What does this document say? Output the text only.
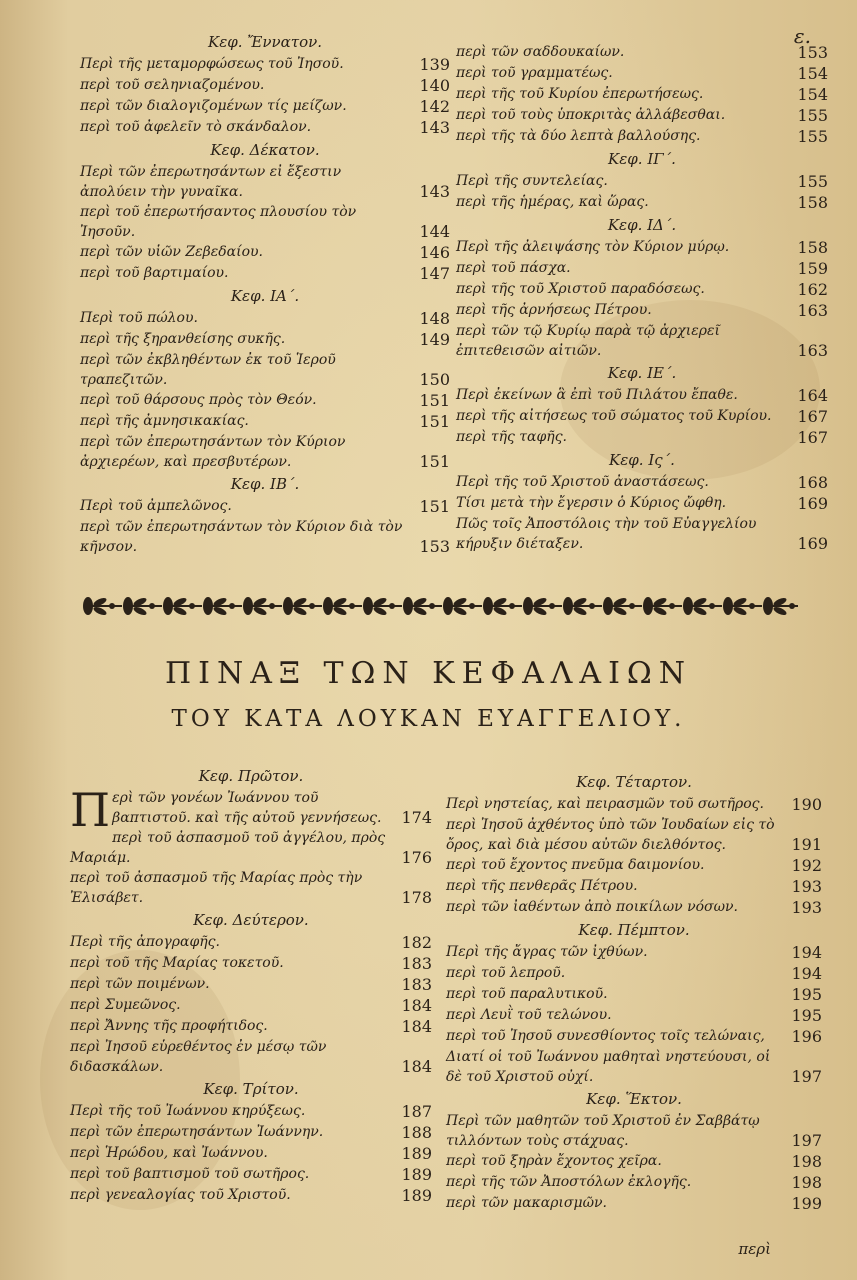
ε.
Κεφ. Ἔννατον.
Περὶ τῆς μεταμορφώσεως τοῦ Ἰησοῦ.	139
περὶ τοῦ σεληνιαζομένου.	140
περὶ τῶν διαλογιζομένων τίς μείζων.	142
περὶ τοῦ ἀφελεῖν τὸ σκάνδαλον.	143
Κεφ. Δέκατον.
Περὶ τῶν ἐπερωτησάντων εἰ ἔξεστιν ἀπολύειν τὴν γυναῖκα.	143
περὶ τοῦ ἐπερωτήσαντος πλουσίου τὸν Ἰησοῦν.	144
περὶ τῶν υἱῶν Ζεβεδαίου.	146
περὶ τοῦ βαρτιμαίου.	147
Κεφ. ΙΑ΄.
Περὶ τοῦ πώλου.	148
περὶ τῆς ξηρανθείσης συκῆς.	149
περὶ τῶν ἐκβληθέντων ἐκ τοῦ Ἱεροῦ τραπεζιτῶν.	150
περὶ τοῦ θάρσους πρὸς τὸν Θεόν.	151
περὶ τῆς ἀμνησικακίας.	151
περὶ τῶν ἐπερωτησάντων τὸν Κύριον ἀρχιερέων, καὶ πρεσβυτέρων.	151
Κεφ. ΙΒ΄.
Περὶ τοῦ ἀμπελῶνος.	151
περὶ τῶν ἐπερωτησάντων τὸν Κύριον διὰ τὸν κῆνσον.	153
περὶ τῶν σαδδουκαίων.	153
περὶ τοῦ γραμματέως.	154
περὶ τῆς τοῦ Κυρίου ἐπερωτήσεως.	154
περὶ τοῦ τοὺς ὑποκριτὰς ἀλλάβεσθαι.	155
περὶ τῆς τὰ δύο λεπτὰ βαλλούσης.	155
Κεφ. ΙΓ΄.
Περὶ τῆς συντελείας.	155
περὶ τῆς ἡμέρας, καὶ ὥρας.	158
Κεφ. ΙΔ΄.
Περὶ τῆς ἀλειψάσης τὸν Κύριον μύρῳ.	158
περὶ τοῦ πάσχα.	159
περὶ τῆς τοῦ Χριστοῦ παραδόσεως.	162
περὶ τῆς ἀρνήσεως Πέτρου.	163
περὶ τῶν τῷ Κυρίῳ παρὰ τῷ ἀρχιερεῖ ἐπιτεθεισῶν αἰτιῶν.	163
Κεφ. ΙΕ΄.
Περὶ ἐκείνων ἃ ἐπὶ τοῦ Πιλάτου ἔπαθε.	164
περὶ τῆς αἰτήσεως τοῦ σώματος τοῦ Κυρίου.	167
περὶ τῆς ταφῆς.	167
Κεφ. Ις΄.
Περὶ τῆς τοῦ Χριστοῦ ἀναστάσεως.	168
Τίσι μετὰ τὴν ἔγερσιν ὁ Κύριος ὤφθη.	169
Πῶς τοῖς Ἀποστόλοις τὴν τοῦ Εὐαγγελίου κήρυξιν διέταξεν.	169
ΠΙΝΑΞ ΤΩΝ ΚΕΦΑΛΑΙΩΝ
ΤΟΥ ΚΑΤΑ ΛΟΥΚΑΝ ΕΥΑΓΓΕΛΙΟΥ.
Κεφ. Πρῶτον.
Περὶ τῶν γονέων Ἰωάννου τοῦ βαπτιστοῦ. καὶ τῆς αὐτοῦ γεννήσεως.	174
περὶ τοῦ ἀσπασμοῦ τοῦ ἀγγέλου, πρὸς Μαριάμ.	176
περὶ τοῦ ἀσπασμοῦ τῆς Μαρίας πρὸς τὴν Ἐλισάβετ.	178
Κεφ. Δεύτερον.
Περὶ τῆς ἀπογραφῆς.	182
περὶ τοῦ τῆς Μαρίας τοκετοῦ.	183
περὶ τῶν ποιμένων.	183
περὶ Συμεῶνος.	184
περὶ Ἄννης τῆς προφήτιδος.	184
περὶ Ἰησοῦ εὑρεθέντος ἐν μέσῳ τῶν διδασκάλων.	184
Κεφ. Τρίτον.
Περὶ τῆς τοῦ Ἰωάννου κηρύξεως.	187
περὶ τῶν ἐπερωτησάντων Ἰωάννην.	188
περὶ Ἡρώδου, καὶ Ἰωάννου.	189
περὶ τοῦ βαπτισμοῦ τοῦ σωτῆρος.	189
περὶ γενεαλογίας τοῦ Χριστοῦ.	189
Κεφ. Τέταρτον.
Περὶ νηστείας, καὶ πειρασμῶν τοῦ σωτῆρος.	190
περὶ Ἰησοῦ ἀχθέντος ὑπὸ τῶν Ἰουδαίων εἰς τὸ ὄρος, καὶ διὰ μέσου αὐτῶν διελθόντος.	191
περὶ τοῦ ἔχοντος πνεῦμα δαιμονίου.	192
περὶ τῆς πενθερᾶς Πέτρου.	193
περὶ τῶν ἰαθέντων ἀπὸ ποικίλων νόσων.	193
Κεφ. Πέμπτον.
Περὶ τῆς ἄγρας τῶν ἰχθύων.	194
περὶ τοῦ λεπροῦ.	194
περὶ τοῦ παραλυτικοῦ.	195
περὶ Λευῒ τοῦ τελώνου.	195
περὶ τοῦ Ἰησοῦ συνεσθίοντος τοῖς τελώναις,	196
Διατί οἱ τοῦ Ἰωάννου μαθηταὶ νηστεύουσι, οἱ δὲ τοῦ Χριστοῦ οὐχί.	197
Κεφ. Ἕκτον.
Περὶ τῶν μαθητῶν τοῦ Χριστοῦ ἐν Σαββάτῳ τιλλόντων τοὺς στάχυας.	197
περὶ τοῦ ξηρὰν ἔχοντος χεῖρα.	198
περὶ τῆς τῶν Ἀποστόλων ἐκλογῆς.	198
περὶ τῶν μακαρισμῶν.	199
περὶ
